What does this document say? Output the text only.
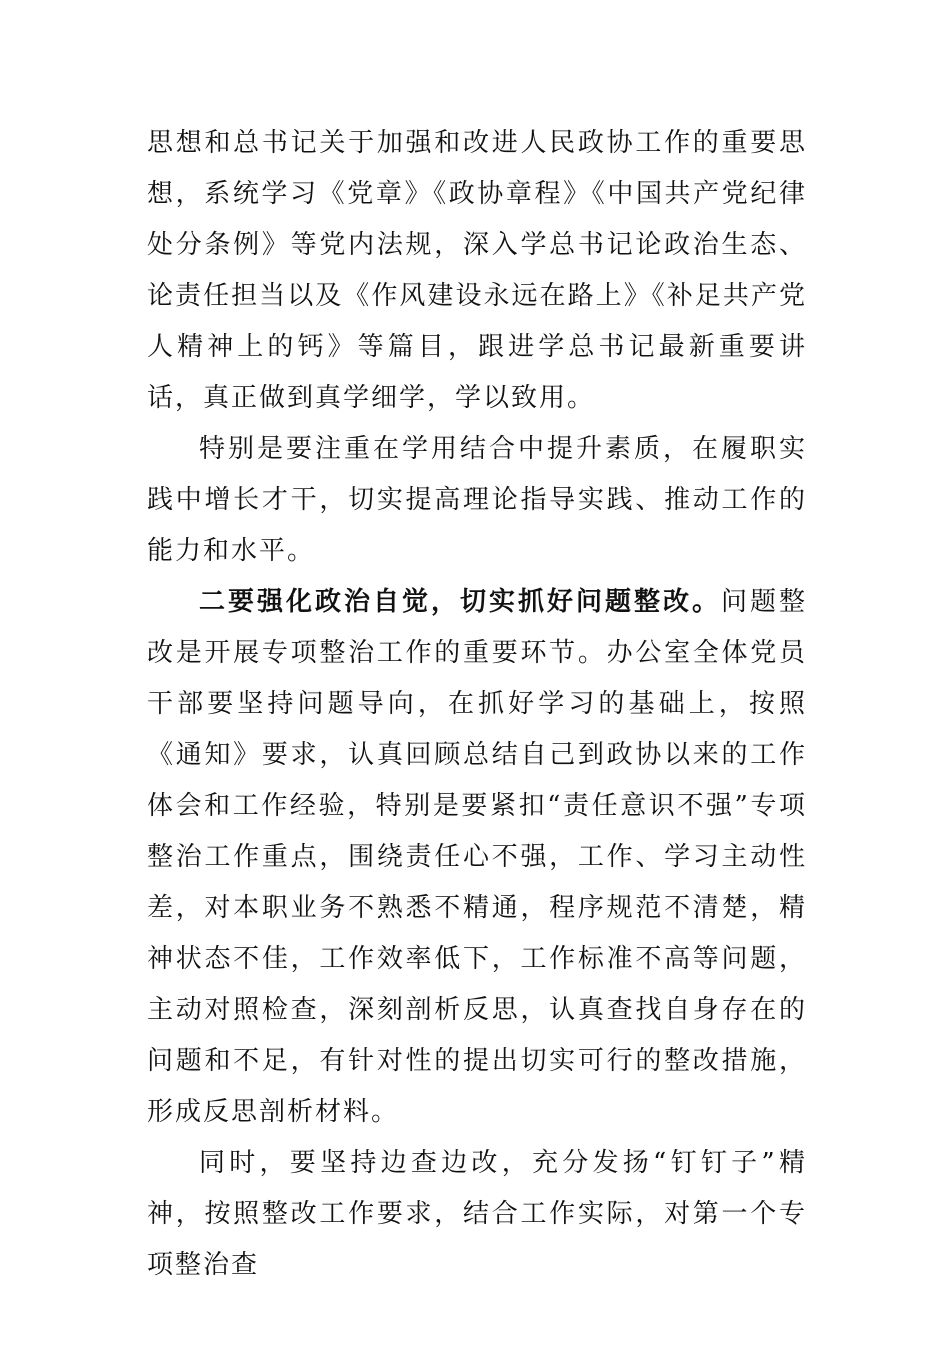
思想和总书记关于加强和改进人民政协工作的重要思想，系统学习《党章》《政协章程》《中国共产党纪律处分条例》等党内法规，深入学总书记论政治生态、论责任担当以及《作风建设永远在路上》《补足共产党人精神上的钙》等篇目，跟进学总书记最新重要讲话，真正做到真学细学，学以致用。

特别是要注重在学用结合中提升素质，在履职实践中增长才干，切实提高理论指导实践、推动工作的能力和水平。

二要强化政治自觉，切实抓好问题整改。问题整改是开展专项整治工作的重要环节。办公室全体党员干部要坚持问题导向，在抓好学习的基础上，按照《通知》要求，认真回顾总结自己到政协以来的工作体会和工作经验，特别是要紧扣“责任意识不强”专项整治工作重点，围绕责任心不强，工作、学习主动性差，对本职业务不熟悉不精通，程序规范不清楚，精神状态不佳，工作效率低下，工作标准不高等问题，主动对照检查，深刻剖析反思，认真查找自身存在的问题和不足，有针对性的提出切实可行的整改措施，形成反思剖析材料。

同时，要坚持边查边改，充分发扬“钉钉子”精神，按照整改工作要求，结合工作实际，对第一个专项整治查
